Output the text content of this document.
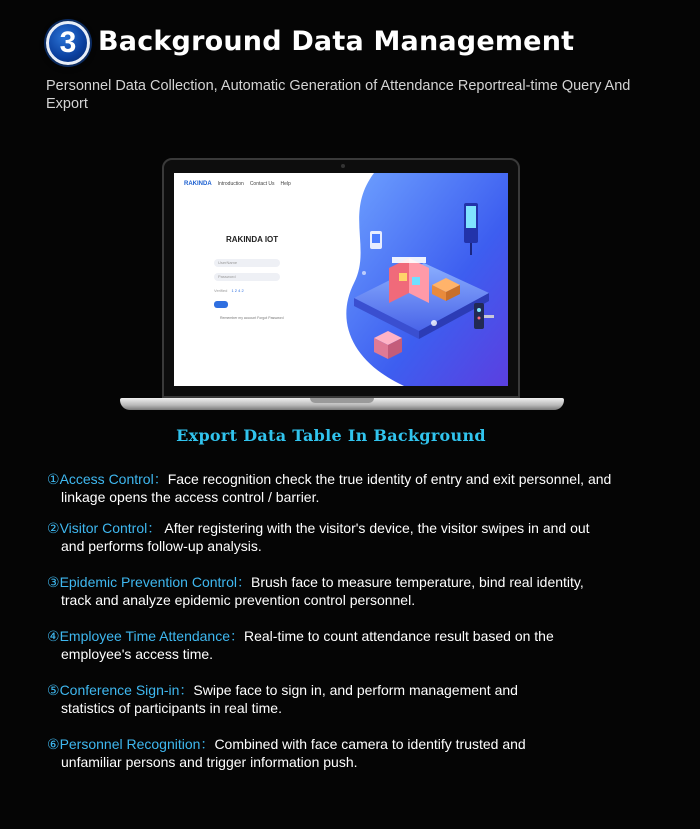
3 Background Data Management
Personnel Data Collection, Automatic Generation of Attendance Reportreal-time Query And Export
RAKINDA Introduction Contact Us Help
RAKINDA IOT
UserName
Password
Verified 1 2 4 2
Remember my account Forgot Password
Export Data Table In Background
①Access Control：Face recognition check the true identity of entry and exit personnel, and
linkage opens the access control / barrier.
②Visitor Control： After registering with the visitor's device, the visitor swipes in and out
and performs follow-up analysis.
③Epidemic Prevention Control：Brush face to measure temperature, bind real identity,
track and analyze epidemic prevention control personnel.
④Employee Time Attendance：Real-time to count attendance result based on the
employee's access time.
⑤Conference Sign-in：Swipe face to sign in, and perform management and
statistics of participants in real time.
⑥Personnel Recognition：Combined with face camera to identify trusted and
unfamiliar persons and trigger information push.
